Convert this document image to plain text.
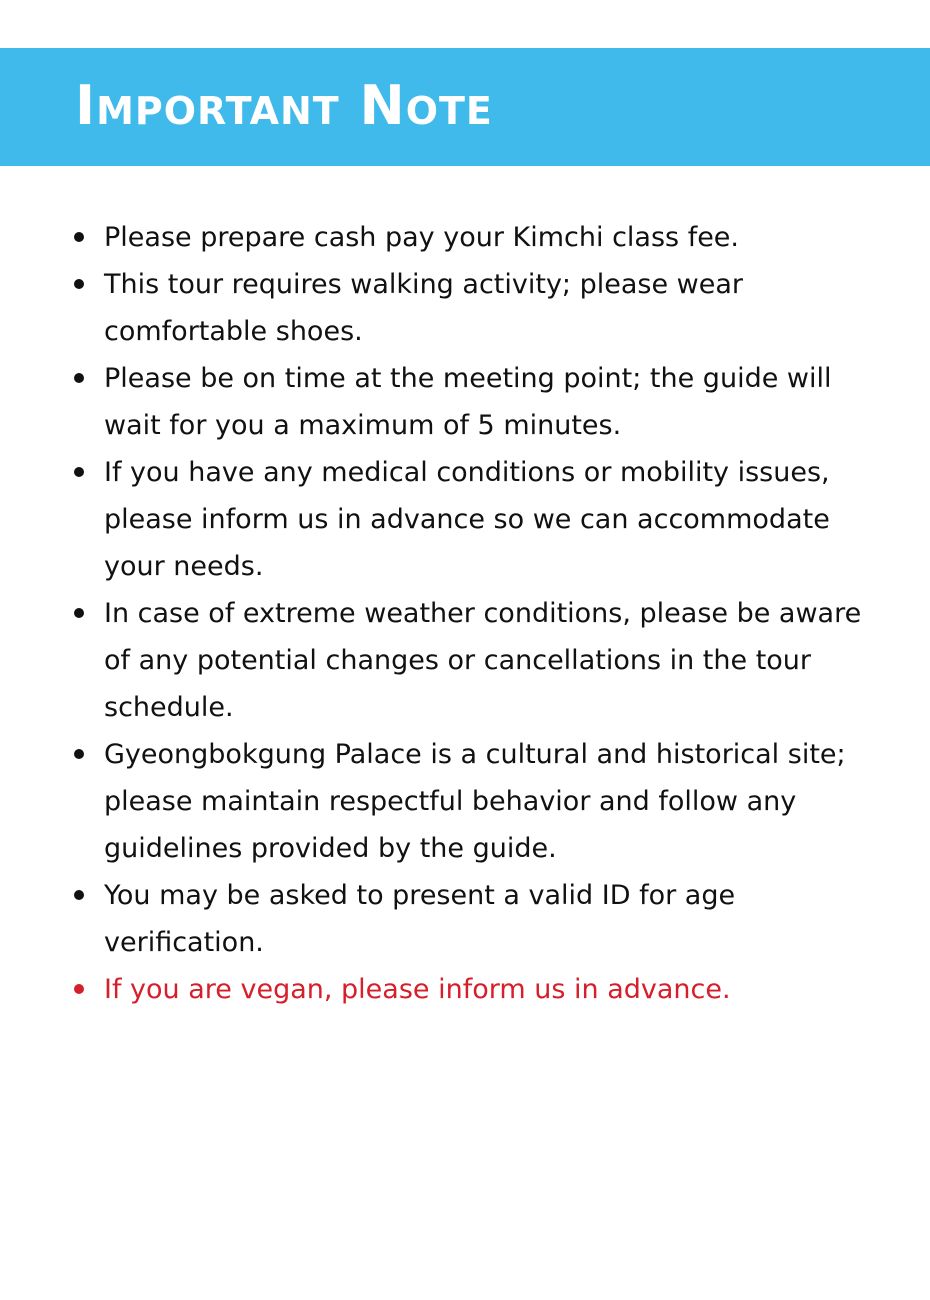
Important Note
Please prepare cash pay your Kimchi class fee.
This tour requires walking activity; please wear comfortable shoes.
Please be on time at the meeting point; the guide will wait for you a maximum of 5 minutes.
If you have any medical conditions or mobility issues, please inform us in advance so we can accommodate your needs.
In case of extreme weather conditions, please be aware of any potential changes or cancellations in the tour schedule.
Gyeongbokgung Palace is a cultural and historical site; please maintain respectful behavior and follow any guidelines provided by the guide.
You may be asked to present a valid ID for age verification.
If you are vegan, please inform us in advance.
